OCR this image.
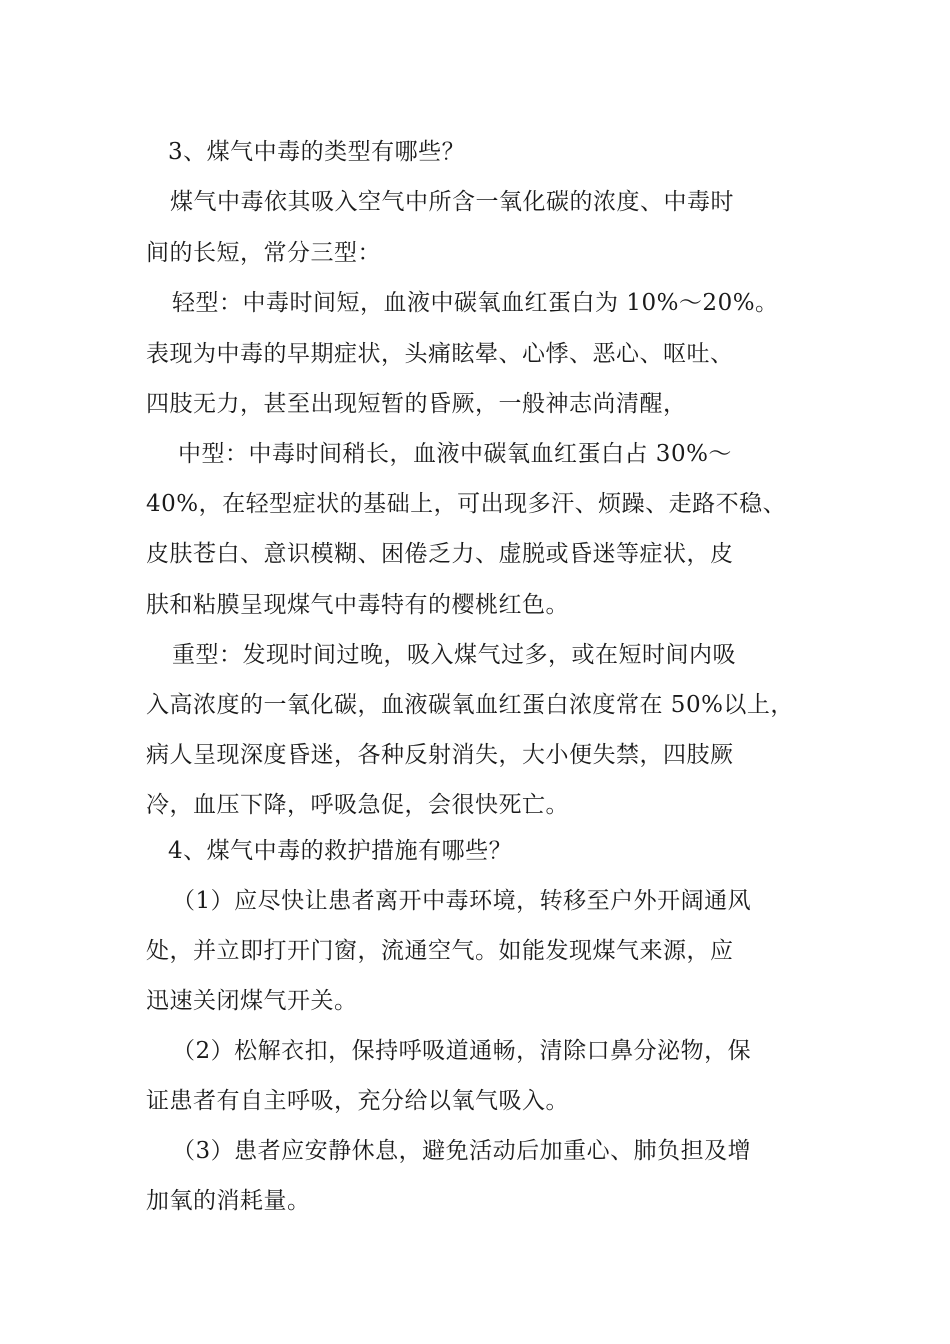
3、煤气中毒的类型有哪些？
煤气中毒依其吸入空气中所含一氧化碳的浓度、中毒时
间的长短，常分三型：
轻型：中毒时间短，血液中碳氧血红蛋白为 10%～20%。
表现为中毒的早期症状，头痛眩晕、心悸、恶心、呕吐、
四肢无力，甚至出现短暂的昏厥，一般神志尚清醒，
中型：中毒时间稍长，血液中碳氧血红蛋白占 30%～
40%，在轻型症状的基础上，可出现多汗、烦躁、走路不稳、
皮肤苍白、意识模糊、困倦乏力、虚脱或昏迷等症状，皮
肤和粘膜呈现煤气中毒特有的樱桃红色。
重型：发现时间过晚，吸入煤气过多，或在短时间内吸
入高浓度的一氧化碳，血液碳氧血红蛋白浓度常在 50%以上，
病人呈现深度昏迷，各种反射消失，大小便失禁，四肢厥
冷，血压下降，呼吸急促，会很快死亡。
4、煤气中毒的救护措施有哪些？
（1）应尽快让患者离开中毒环境，转移至户外开阔通风
处，并立即打开门窗，流通空气。如能发现煤气来源，应
迅速关闭煤气开关。
（2）松解衣扣，保持呼吸道通畅，清除口鼻分泌物，保
证患者有自主呼吸，充分给以氧气吸入。
（3）患者应安静休息，避免活动后加重心、肺负担及增
加氧的消耗量。
